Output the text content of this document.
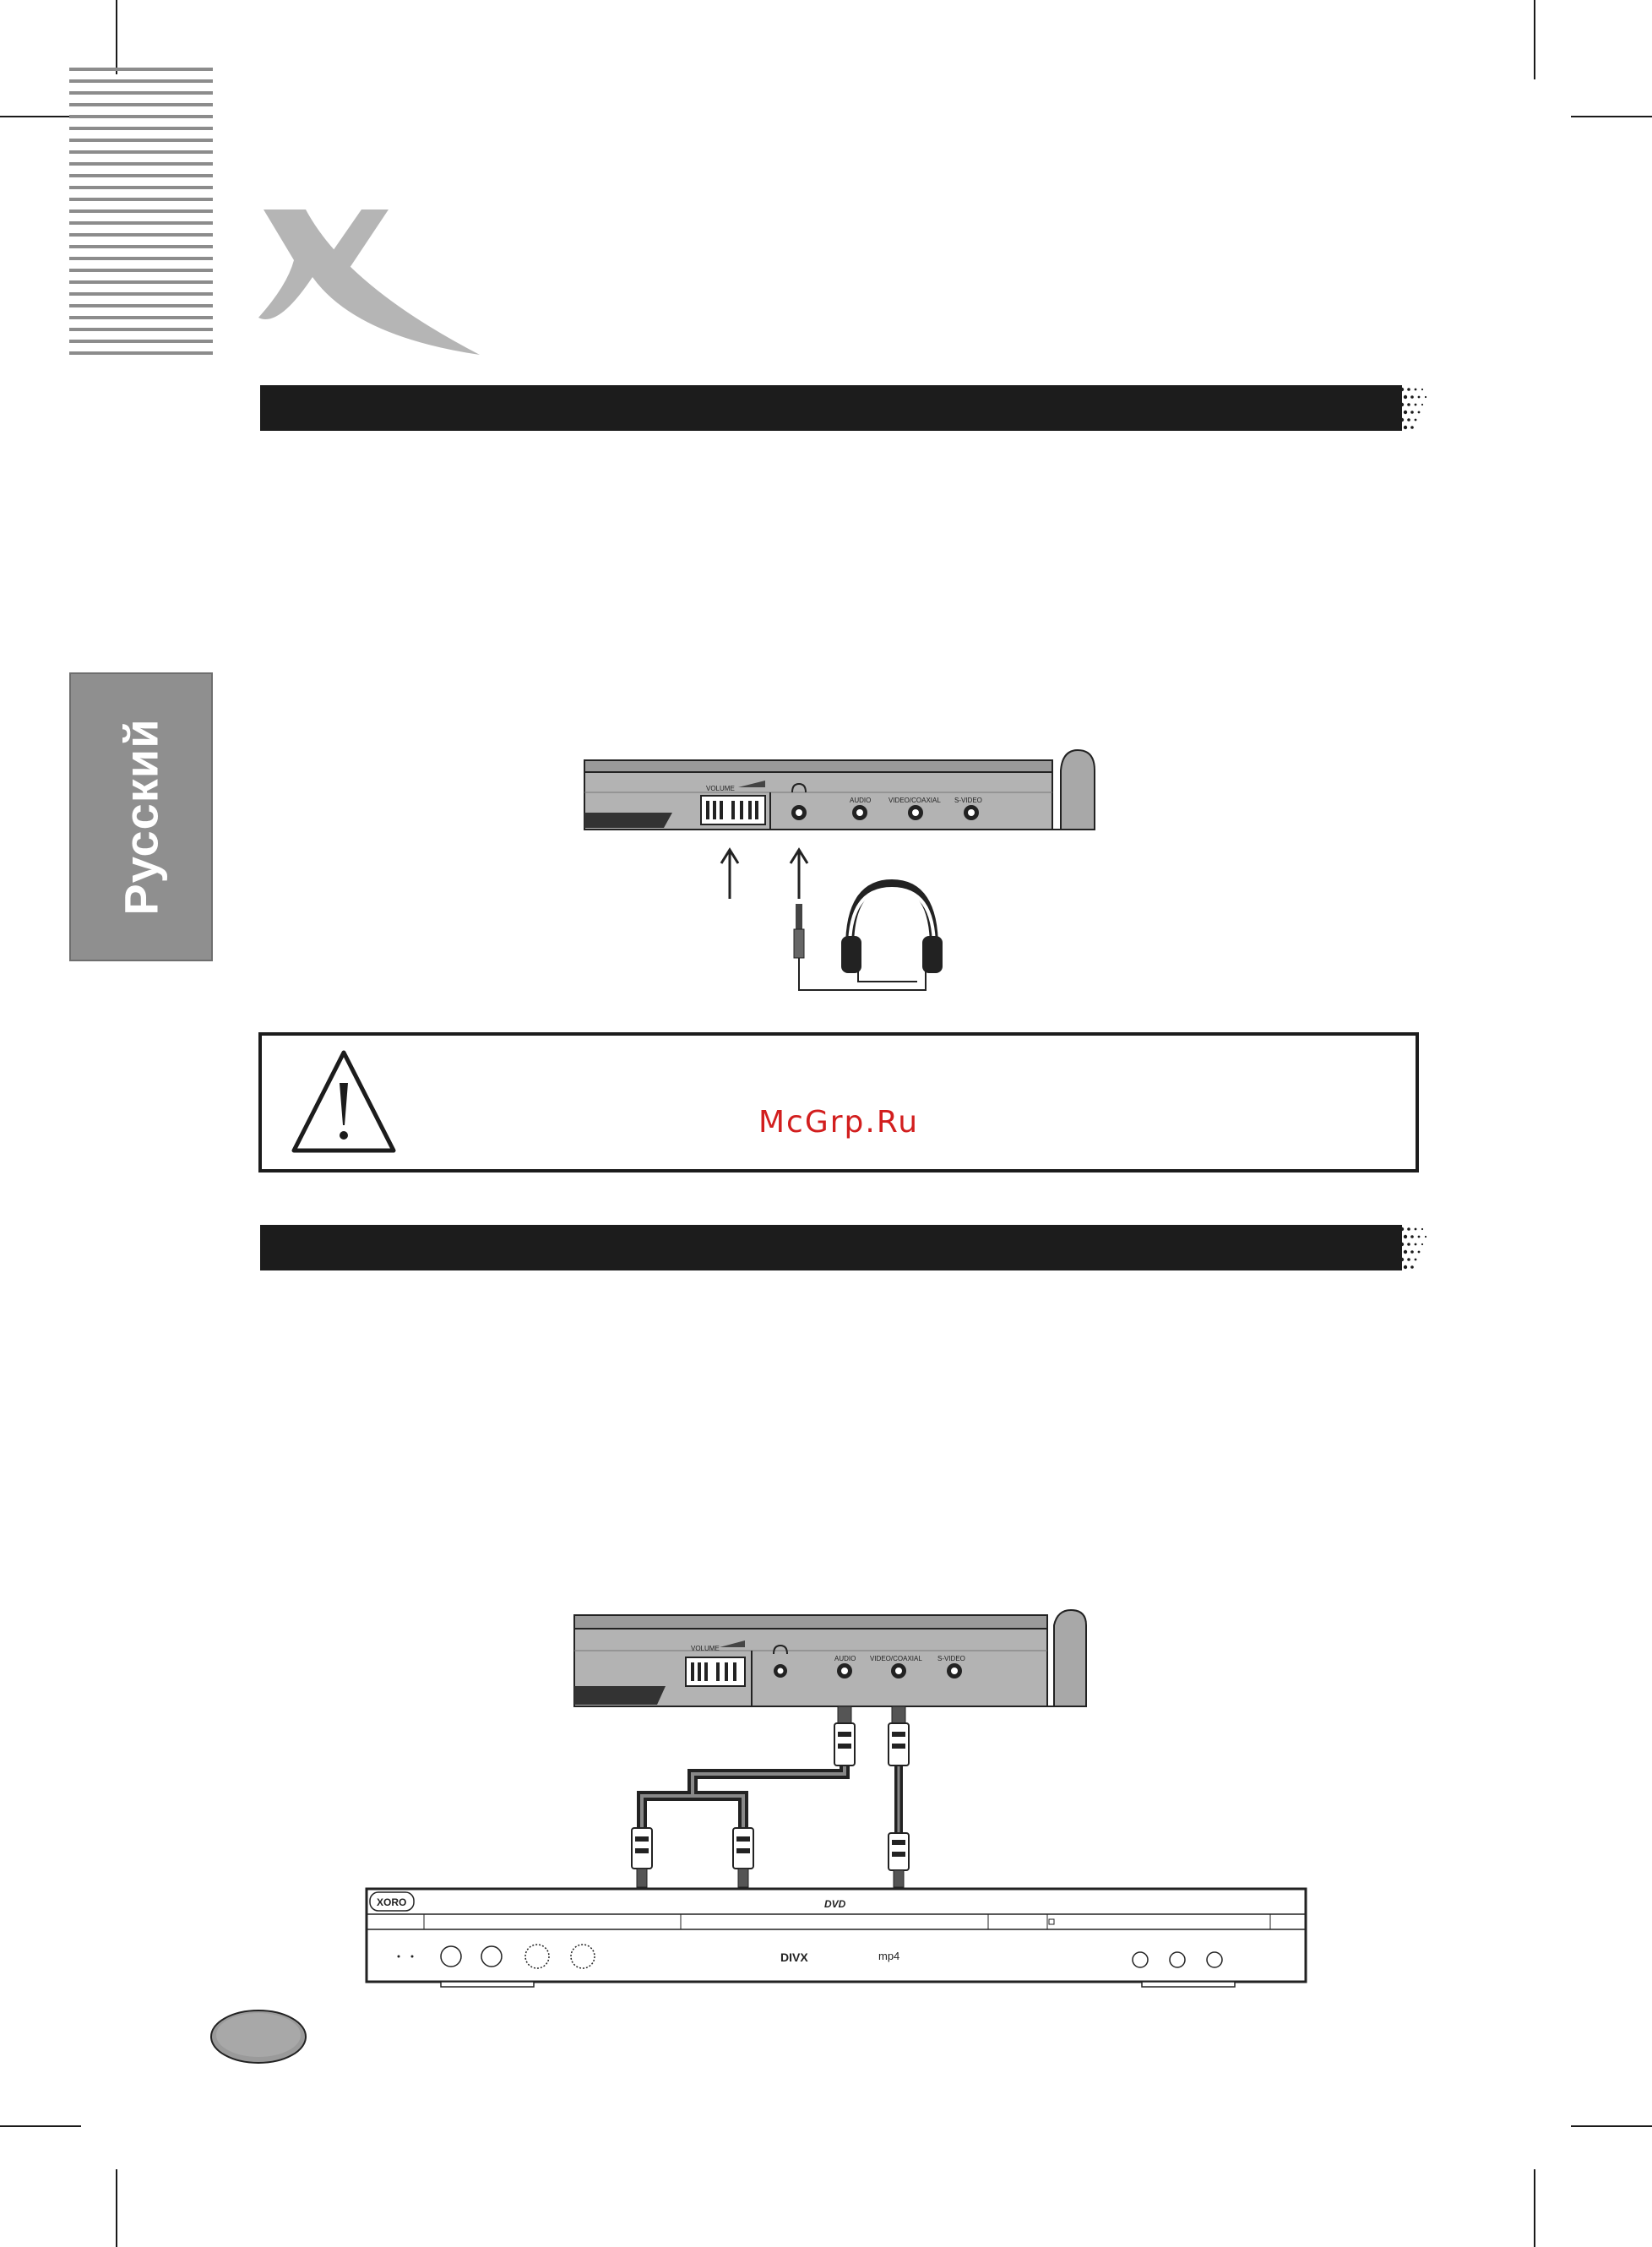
Русский	VOLUME
AUDIO	VIDEO/COAXIAL S-VIDEO
McGrp.Ru
VOLUME
AUDIO VIDEO/COAXIAL S-VIDEO
XORO	DVD
DIVX	mp4
